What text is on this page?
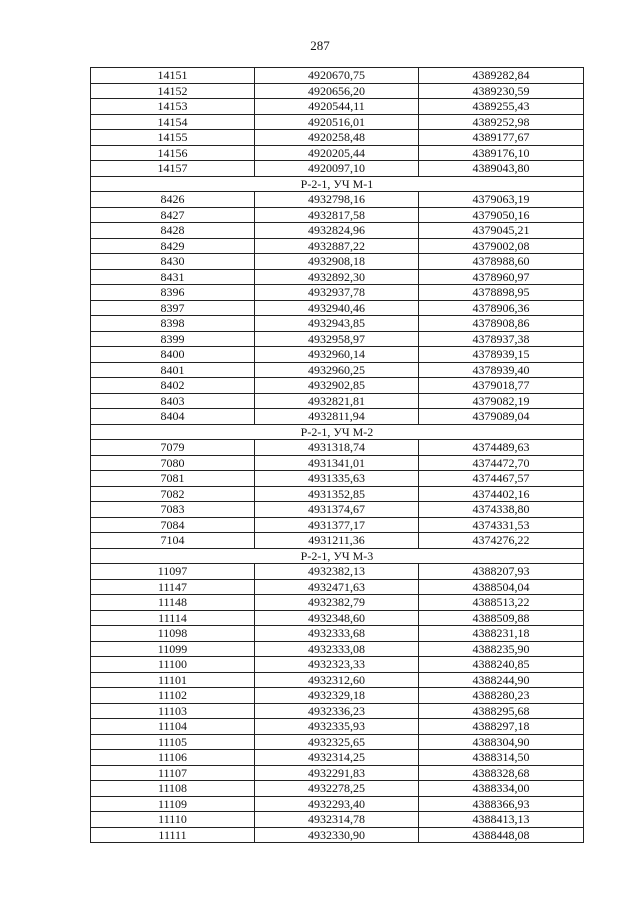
287
14151	4920670,75	4389282,84
14152	4920656,20	4389230,59
14153	4920544,11	4389255,43
14154	4920516,01	4389252,98
14155	4920258,48	4389177,67
14156	4920205,44	4389176,10
14157	4920097,10	4389043,80
Р-2-1, УЧ М-1		
8426	4932798,16	4379063,19
8427	4932817,58	4379050,16
8428	4932824,96	4379045,21
8429	4932887,22	4379002,08
8430	4932908,18	4378988,60
8431	4932892,30	4378960,97
8396	4932937,78	4378898,95
8397	4932940,46	4378906,36
8398	4932943,85	4378908,86
8399	4932958,97	4378937,38
8400	4932960,14	4378939,15
8401	4932960,25	4378939,40
8402	4932902,85	4379018,77
8403	4932821,81	4379082,19
8404	4932811,94	4379089,04
Р-2-1, УЧ М-2		
7079	4931318,74	4374489,63
7080	4931341,01	4374472,70
7081	4931335,63	4374467,57
7082	4931352,85	4374402,16
7083	4931374,67	4374338,80
7084	4931377,17	4374331,53
7104	4931211,36	4374276,22
Р-2-1, УЧ М-3		
11097	4932382,13	4388207,93
11147	4932471,63	4388504,04
11148	4932382,79	4388513,22
11114	4932348,60	4388509,88
11098	4932333,68	4388231,18
11099	4932333,08	4388235,90
11100	4932323,33	4388240,85
11101	4932312,60	4388244,90
11102	4932329,18	4388280,23
11103	4932336,23	4388295,68
11104	4932335,93	4388297,18
11105	4932325,65	4388304,90
11106	4932314,25	4388314,50
11107	4932291,83	4388328,68
11108	4932278,25	4388334,00
11109	4932293,40	4388366,93
11110	4932314,78	4388413,13
11111	4932330,90	4388448,08
